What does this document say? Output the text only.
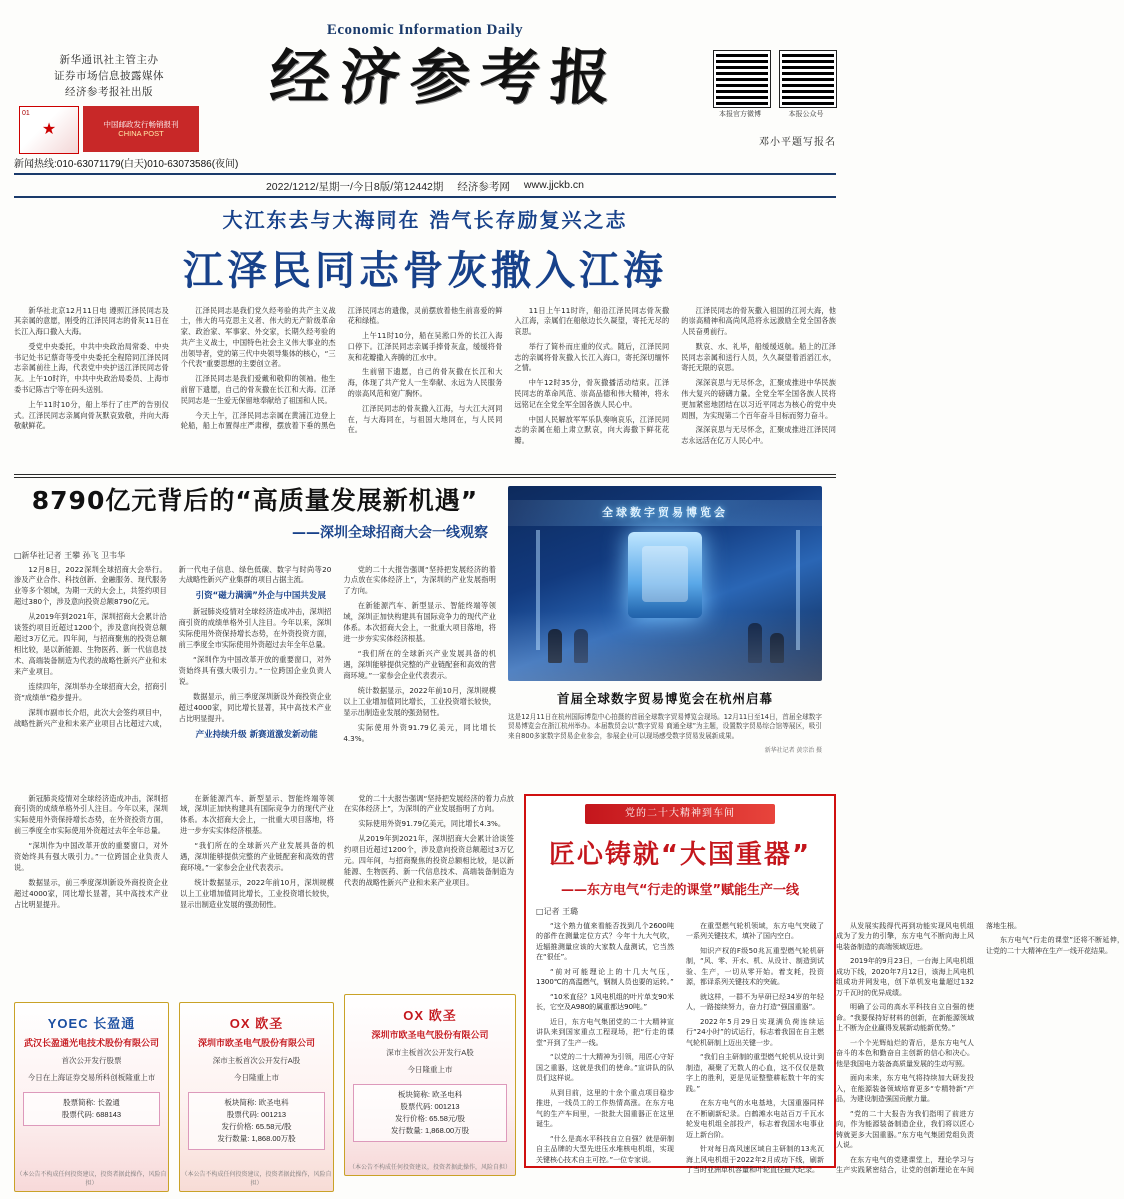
Economic Information Daily
新华通讯社主管主办
证券市场信息披露媒体
经济参考报社出版
01
★	中国邮政发行畅销报刊
CHINA POST
经济参考报
本报官方微博	本报公众号
邓小平题写报名
新闻热线:010-63071179(白天)010-63073586(夜间)
2022/1212/星期一/今日8版/第12442期 经济参考网 www.jjckb.cn
大江东去与大海同在 浩气长存励复兴之志
江泽民同志骨灰撒入江海

新华社北京12月11日电 遵照江泽民同志及其亲属的意愿，刚受的江泽民同志的骨灰11日在长江入海口撒入大海。

受党中央委托，中共中央政治局常委、中央书记处书记蔡奇等受中央委托全程陪同江泽民同志亲属前往上海，代表党中央护送江泽民同志骨灰。上午10时许，中共中央政治局委员、上海市委书记陈吉宁等在码头送别。

上午11时10分，船上举行了庄严的告别仪式。江泽民同志亲属向骨灰默哀致敬，并向大海敬献鲜花。

江泽民同志是我们党久经考验的共产主义战士，伟大的马克思主义者、伟大的无产阶级革命家、政治家、军事家、外交家，长期久经考验的共产主义战士，中国特色社会主义伟大事业的杰出领导者，党的第三代中央领导集体的核心，“三个代表”重要思想的主要创立者。

江泽民同志是我们爱戴和敬仰的领袖。他生前留下遗愿，自己的骨灰撒在长江和大海。江泽民同志是一生爱无保留地奉献给了祖国和人民。

今天上午，江泽民同志亲属在黄浦江边登上轮船，船上布置得庄严肃穆，摆放着下垂的黑色江泽民同志的遗像，灵前摆放着他生前喜爱的鲜花和绿植。

上午11时10分，船在吴淞口外的长江入海口停下。江泽民同志亲属手捧骨灰盒，缓缓将骨灰和花瓣撒入奔腾的江水中。

生前留下遗愿，自己的骨灰撒在长江和大海，体现了共产党人一生奉献、永远为人民服务的崇高风范和宽广胸怀。

江泽民同志的骨灰撒入江海，与大江大河同在，与大海同在，与祖国大地同在，与人民同在。

11日上午11时许，船沿江泽民同志骨灰撒入江海，亲属们在船舷边长久凝望，寄托无尽的哀思。

举行了简朴而庄重的仪式。随后，江泽民同志的亲属将骨灰撒入长江入海口，寄托深切缅怀之情。

中午12时35分，骨灰撒播活动结束。江泽民同志的革命风范、崇高品德和伟大精神，将永远铭记在全党全军全国各族人民心中。

中国人民解放军军乐队奏响哀乐，江泽民同志的亲属在船上肃立默哀，向大海撒下鲜花花瓣。

江泽民同志的骨灰撒入祖国的江河大海，他的崇高精神和高尚风范将永远激励全党全国各族人民奋勇前行。

默哀、水、礼毕，船缓缓返航。船上的江泽民同志亲属和送行人员，久久凝望着滔滔江水，寄托无限的哀思。

深深哀思与无尽怀念，汇聚成推进中华民族伟大复兴的磅礴力量。全党全军全国各族人民将更加紧密地团结在以习近平同志为核心的党中央周围，为实现第二个百年奋斗目标而努力奋斗。

深深哀思与无尽怀念，汇聚成推进江泽民同志永远活在亿万人民心中。

8790亿元背后的“高质量发展新机遇”
——深圳全球招商大会一线观察
□新华社记者 王攀 孙飞 卫韦华

12月8日，2022深圳全球招商大会举行。渗及产业合作、科技创新、金融服务、现代服务业等多个领域，为期一天的大会上，共签约项目超过380个，涉及意向投资总额8790亿元。

从2019年到2021年，深圳招商大会累计洽谈签约项目近超过1200个，涉及意向投资总额超过3万亿元。四年间，与招商聚焦的投资总额相比较，是以新能源、生物医药、新一代信息技术、高端装备制造为代表的战略性新兴产业和未来产业项目。

连续四年，深圳举办全球招商大会，招商引资“成绩单”稳步提升。

深圳市副市长介绍，此次大会签约项目中，战略性新兴产业和未来产业项目占比超过六成，新一代电子信息、绿色低碳、数字与时尚等20大战略性新兴产业集群的项目占据主流。

引资“磁力满满”外企与中国共发展

新冠肺炎疫情对全球经济造成冲击，深圳招商引资的成绩单格外引人注目。今年以来，深圳实际使用外资保持增长态势，在外资投资方面，前三季度全市实际使用外资超过去年全年总量。

“深圳作为中国改革开放的重要窗口，对外资始终具有强大吸引力。”一位跨国企业负责人说。

数据显示，前三季度深圳新设外商投资企业超过4000家，同比增长显著，其中高技术产业占比明显提升。

产业持续升级 新赛道激发新动能

党的二十大报告强调“坚持把发展经济的着力点放在实体经济上”，为深圳的产业发展指明了方向。

在新能源汽车、新型显示、智能终端等领域，深圳正加快构建具有国际竞争力的现代产业体系。本次招商大会上，一批重大项目落地，将进一步夯实实体经济根基。

“我们所在的全球新兴产业发展具备的机遇，深圳能够提供完整的产业链配套和高效的营商环境。”一家参会企业代表表示。

统计数据显示，2022年前10月，深圳规模以上工业增加值同比增长，工业投资增长较快，显示出制造业发展的强劲韧性。

实际使用外资91.79亿美元，同比增长4.3%。

全球数字贸易博览会
首届全球数字贸易博览会在杭州启幕
这是12月11日在杭州国际博览中心拍摄的首届全球数字贸易博览会现场。12月11日至14日，首届全球数字贸易博览会在浙江杭州举办。本届数贸会以“数字贸易 商通全球”为主题，设置数字贸易综合馆等展区，吸引来自800多家数字贸易企业参会，参展企业可以现场感受数字贸易发展新成果。
新华社记者 黄宗治 摄

新冠肺炎疫情对全球经济造成冲击，深圳招商引资的成绩单格外引人注目。今年以来，深圳实际使用外资保持增长态势，在外资投资方面，前三季度全市实际使用外资超过去年全年总量。

“深圳作为中国改革开放的重要窗口，对外资始终具有强大吸引力。”一位跨国企业负责人说。

数据显示，前三季度深圳新设外商投资企业超过4000家，同比增长显著，其中高技术产业占比明显提升。

在新能源汽车、新型显示、智能终端等领域，深圳正加快构建具有国际竞争力的现代产业体系。本次招商大会上，一批重大项目落地，将进一步夯实实体经济根基。

“我们所在的全球新兴产业发展具备的机遇，深圳能够提供完整的产业链配套和高效的营商环境。”一家参会企业代表表示。

统计数据显示，2022年前10月，深圳规模以上工业增加值同比增长，工业投资增长较快，显示出制造业发展的强劲韧性。

YOEC 长盈通
武汉长盈通光电技术股份有限公司
首次公开发行股票
今日在上海证券交易所科创板隆重上市
股票简称: 长盈通
股票代码: 688143
（本公告不构成任何投资建议，投资者据此操作，风险自担）
OX 欧圣
深圳市欧圣电气股份有限公司
深市主板首次公开发行A股
今日隆重上市
板块简称: 欧圣电科
股票代码: 001213
发行价格: 65.58元/股
发行数量: 1,868.00万股
（本公告不构成任何投资建议，投资者据此操作，风险自担）

党的二十大报告强调“坚持把发展经济的着力点放在实体经济上”，为深圳的产业发展指明了方向。

实际使用外资91.79亿美元，同比增长4.3%。

从2019年到2021年，深圳招商大会累计洽谈签约项目近超过1200个，涉及意向投资总额超过3万亿元。四年间，与招商聚焦的投资总额相比较，是以新能源、生物医药、新一代信息技术、高端装备制造为代表的战略性新兴产业和未来产业项目。

OX 欧圣
深圳市欧圣电气股份有限公司
深市主板首次公开发行A股
今日隆重上市
板块简称: 欧圣电科
股票代码: 001213
发行价格: 65.58元/股
发行数量: 1,868.00万股
（本公告不构成任何投资建议，投资者据此操作，风险自担）
党的二十大精神到车间
匠心铸就“大国重器”
——东方电气“行走的课堂”赋能生产一线
□记者 王璐

“这个熟力值来看能否找到几个2600吨的部件在测量定位方式？今年十九大气吹，近辐推测量应该的大家数人盘测试，它当然在“很任”。

“前对可能理论上的十几大气压，1300℃的高温燃气，钢制人员也要的运转。”

“10米直径？1风电机组的叶片单支90米长，它空及A980的属重都达90吨。”

近日，东方电气集团党的二十大精神宣讲队来到国家重点工程现场，把“行走的课堂”开到了生产一线。

“以党的二十大精神为引领，用匠心守好国之重器，这就是我们的使命。”宣讲队的队员们这样说。

从到目前，这里的十余个重点项目稳步推进，一线员工的工作热情高涨。在东方电气的生产车间里，一批批大国重器正在这里诞生。

“什么是高水平科技自立自强？就是研制自主品牌的大型先进压水堆核电机组，实现关键核心技术自主可控。”一位专家说。

在重型燃气轮机领域，东方电气突破了一系列关键技术，填补了国内空白。

知识产权的F级50兆瓦重型燃气轮机研制，“风、零、开水、机、从设计、制造到试验、生产，一切从零开始。着支耗，投资源，都译系列关键技术的突破。

就这样，一群不为早研已经34岁的年轻人，一路接续努力，奋力打造“强国重器”。

2022年5月29日实现满负荷连续运行“24小时”的试运行，标志着我国在自主燃气轮机研制上迈出关键一步。

“我们自主研制的重型燃气轮机从设计到制造，凝聚了无数人的心血，这不仅仅是数字上的胜利，更是见证整整耕耘数十年的实践。”

在东方电气的水电基地，大国重器同样在不断刷新纪录。白鹤滩水电站百万千瓦水轮发电机组全部投产，标志着我国水电事业迈上新台阶。

针对每日高风速区域自主研制的13兆瓦海上风电机组于2022年2月成功下线，刷新了当时亚洲单机容量和叶轮直径最大纪录。

从发展实践得代再到功能实现风电机组成为了发力的引擎，东方电气不断向海上风电装备制造的高端领域迈进。

2019年的9月23日，一台海上风电机组成功下线，2020年7月12日，该海上风电机组成功并网发电，创下单机发电量超过132万千瓦时的优异成绩。

明确了公司的高水平科技自立自强的使命。“我要保持好材料的创新，在新能源领域上不断为企业赢得发展新动能新优势。”

一个个光辉灿烂的背后，是东方电气人奋斗的本色和勤奋自主创新的信心和决心。他是我国电力装备高质量发展的生动写照。

面向未来，东方电气将持续加大研发投入，在能源装备领域培育更多“专精特新”产品，为建设制造强国贡献力量。

“党的二十大报告为我们指明了前进方向，作为能源装备制造企业，我们将以匠心铸就更多大国重器。”东方电气集团党组负责人说。

在东方电气的党建课堂上，理论学习与生产实践紧密结合，让党的创新理论在车间落地生根。

东方电气“行走的课堂”还将不断延伸，让党的二十大精神在生产一线开花结果。
